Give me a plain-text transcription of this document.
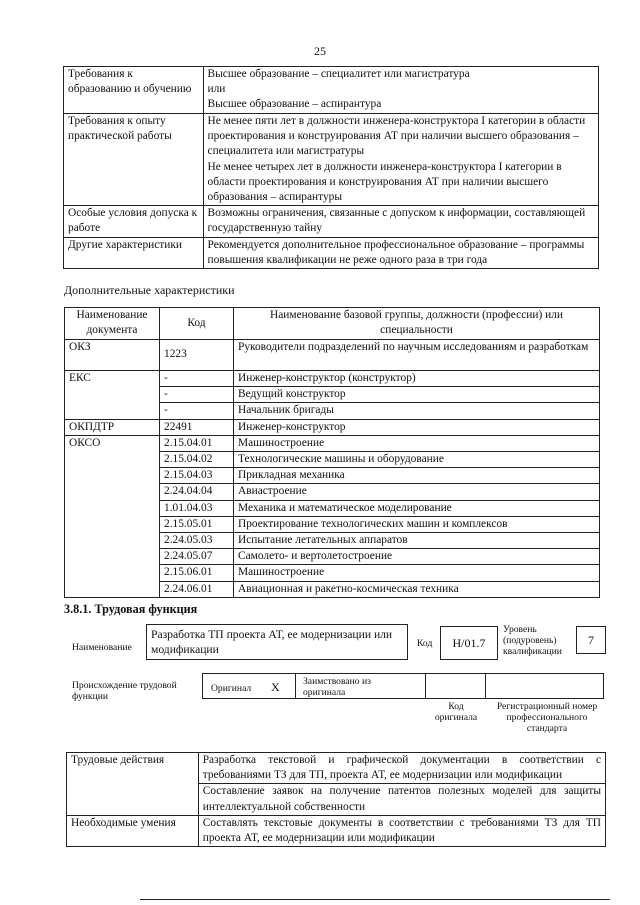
25
Требования к образованию и обучению	Высшее образование – специалитет или магистратура
или
Высшее образование – аспирантура

Требования к опыту практической работы	Не менее пяти лет в должности инженера-конструктора I категории в области проектирования и конструирования АТ при наличии высшего образования – специалитета или магистратуры
Не менее четырех лет в должности инженера-конструктора I категории в области проектирования и конструирования АТ при наличии высшего образования – аспирантуры

Особые условия допуска к работе	Возможны ограничения, связанные с допуском к информации, составляющей государственную тайну

Другие характеристики	Рекомендуется дополнительное профессиональное образование – программы повышения квалификации не реже одного раза в три года
Дополнительные характеристики
Наименование документа	Код	Наименование базовой группы, должности (профессии) или специальности
ОКЗ	1223	Руководители подразделений по научным исследованиям и разработкам
ЕКС	-	Инженер-конструктор (конструктор)
	-	Ведущий конструктор
	-	Начальник бригады
ОКПДТР	22491	Инженер-конструктор
ОКСО	2.15.04.01	Машиностроение
	2.15.04.02	Технологические машины и оборудование
	2.15.04.03	Прикладная механика
	2.24.04.04	Авиастроение
	1.01.04.03	Механика и математическое моделирование
	2.15.05.01	Проектирование технологических машин и комплексов
	2.24.05.03	Испытание летательных аппаратов
	2.24.05.07	Самолето- и вертолетостроение
	2.15.06.01	Машиностроение
	2.24.06.01	Авиационная и ракетно-космическая техника
3.8.1. Трудовая функция
Наименование
Разработка ТП проекта АТ, ее модернизации или модификации	Код	Н/01.7
Уровень (подуровень) квалификации
7
Происхождение трудовой функции
Оригинал Х Заимствовано из оригинала
Код оригинала
Регистрационный номер профессионального стандарта
Трудовые действия	Разработка текстовой и графической документации в соответствии с требованиями ТЗ для ТП, проекта АТ, ее модернизации или модификации
	Составление заявок на получение патентов полезных моделей для защиты интеллектуальной собственности
Необходимые умения	Составлять текстовые документы в соответствии с требованиями ТЗ для ТП проекта АТ, ее модернизации или модификации
